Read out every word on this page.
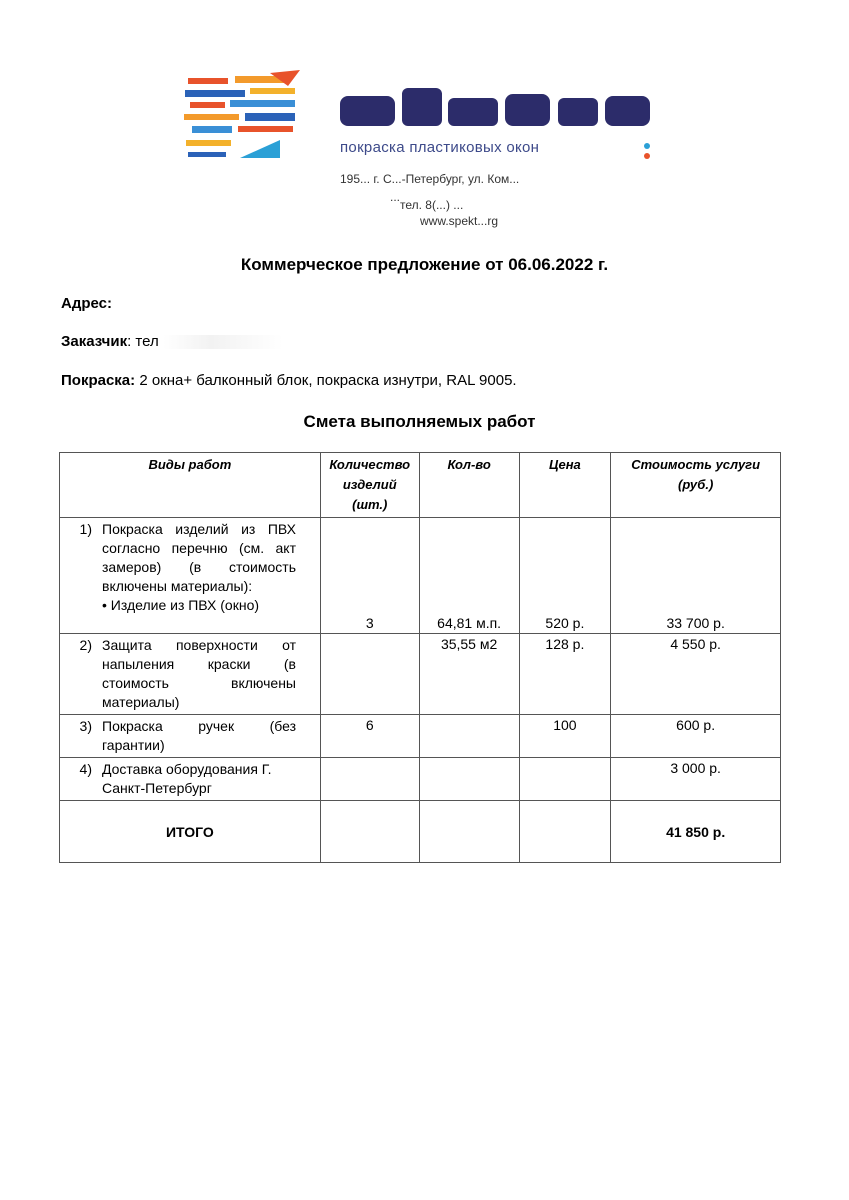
покраска пластиковых окон
195... г. С...-Петербург, ул. Ком...
...
тел. 8(...) ...
www.spekt...rg
Коммерческое предложение от 06.06.2022 г.
Адрес:
Заказчик: тел
Покраска: 2 окна+ балконный блок, покраска изнутри, RAL 9005.
Смета выполняемых работ
Виды работ	Количество изделий (шт.)	Кол-во	Цена	Стоимость услуги (руб.)
1) Покраска изделий из ПВХ согласно перечню (см. акт замеров) (в стоимость включены материалы):
• Изделие из ПВХ (окно)	3	64,81 м.п.	520 р.	33 700 р.
2) Защита поверхности от напыления краски (в стоимость включены материалы)		35,55 м2	128 р.	4 550 р.
3) Покраска ручек (без гарантии)	6		100	600 р.
4) Доставка оборудования Г. Санкт-Петербург				3 000 р.
ИТОГО				41 850 р.
